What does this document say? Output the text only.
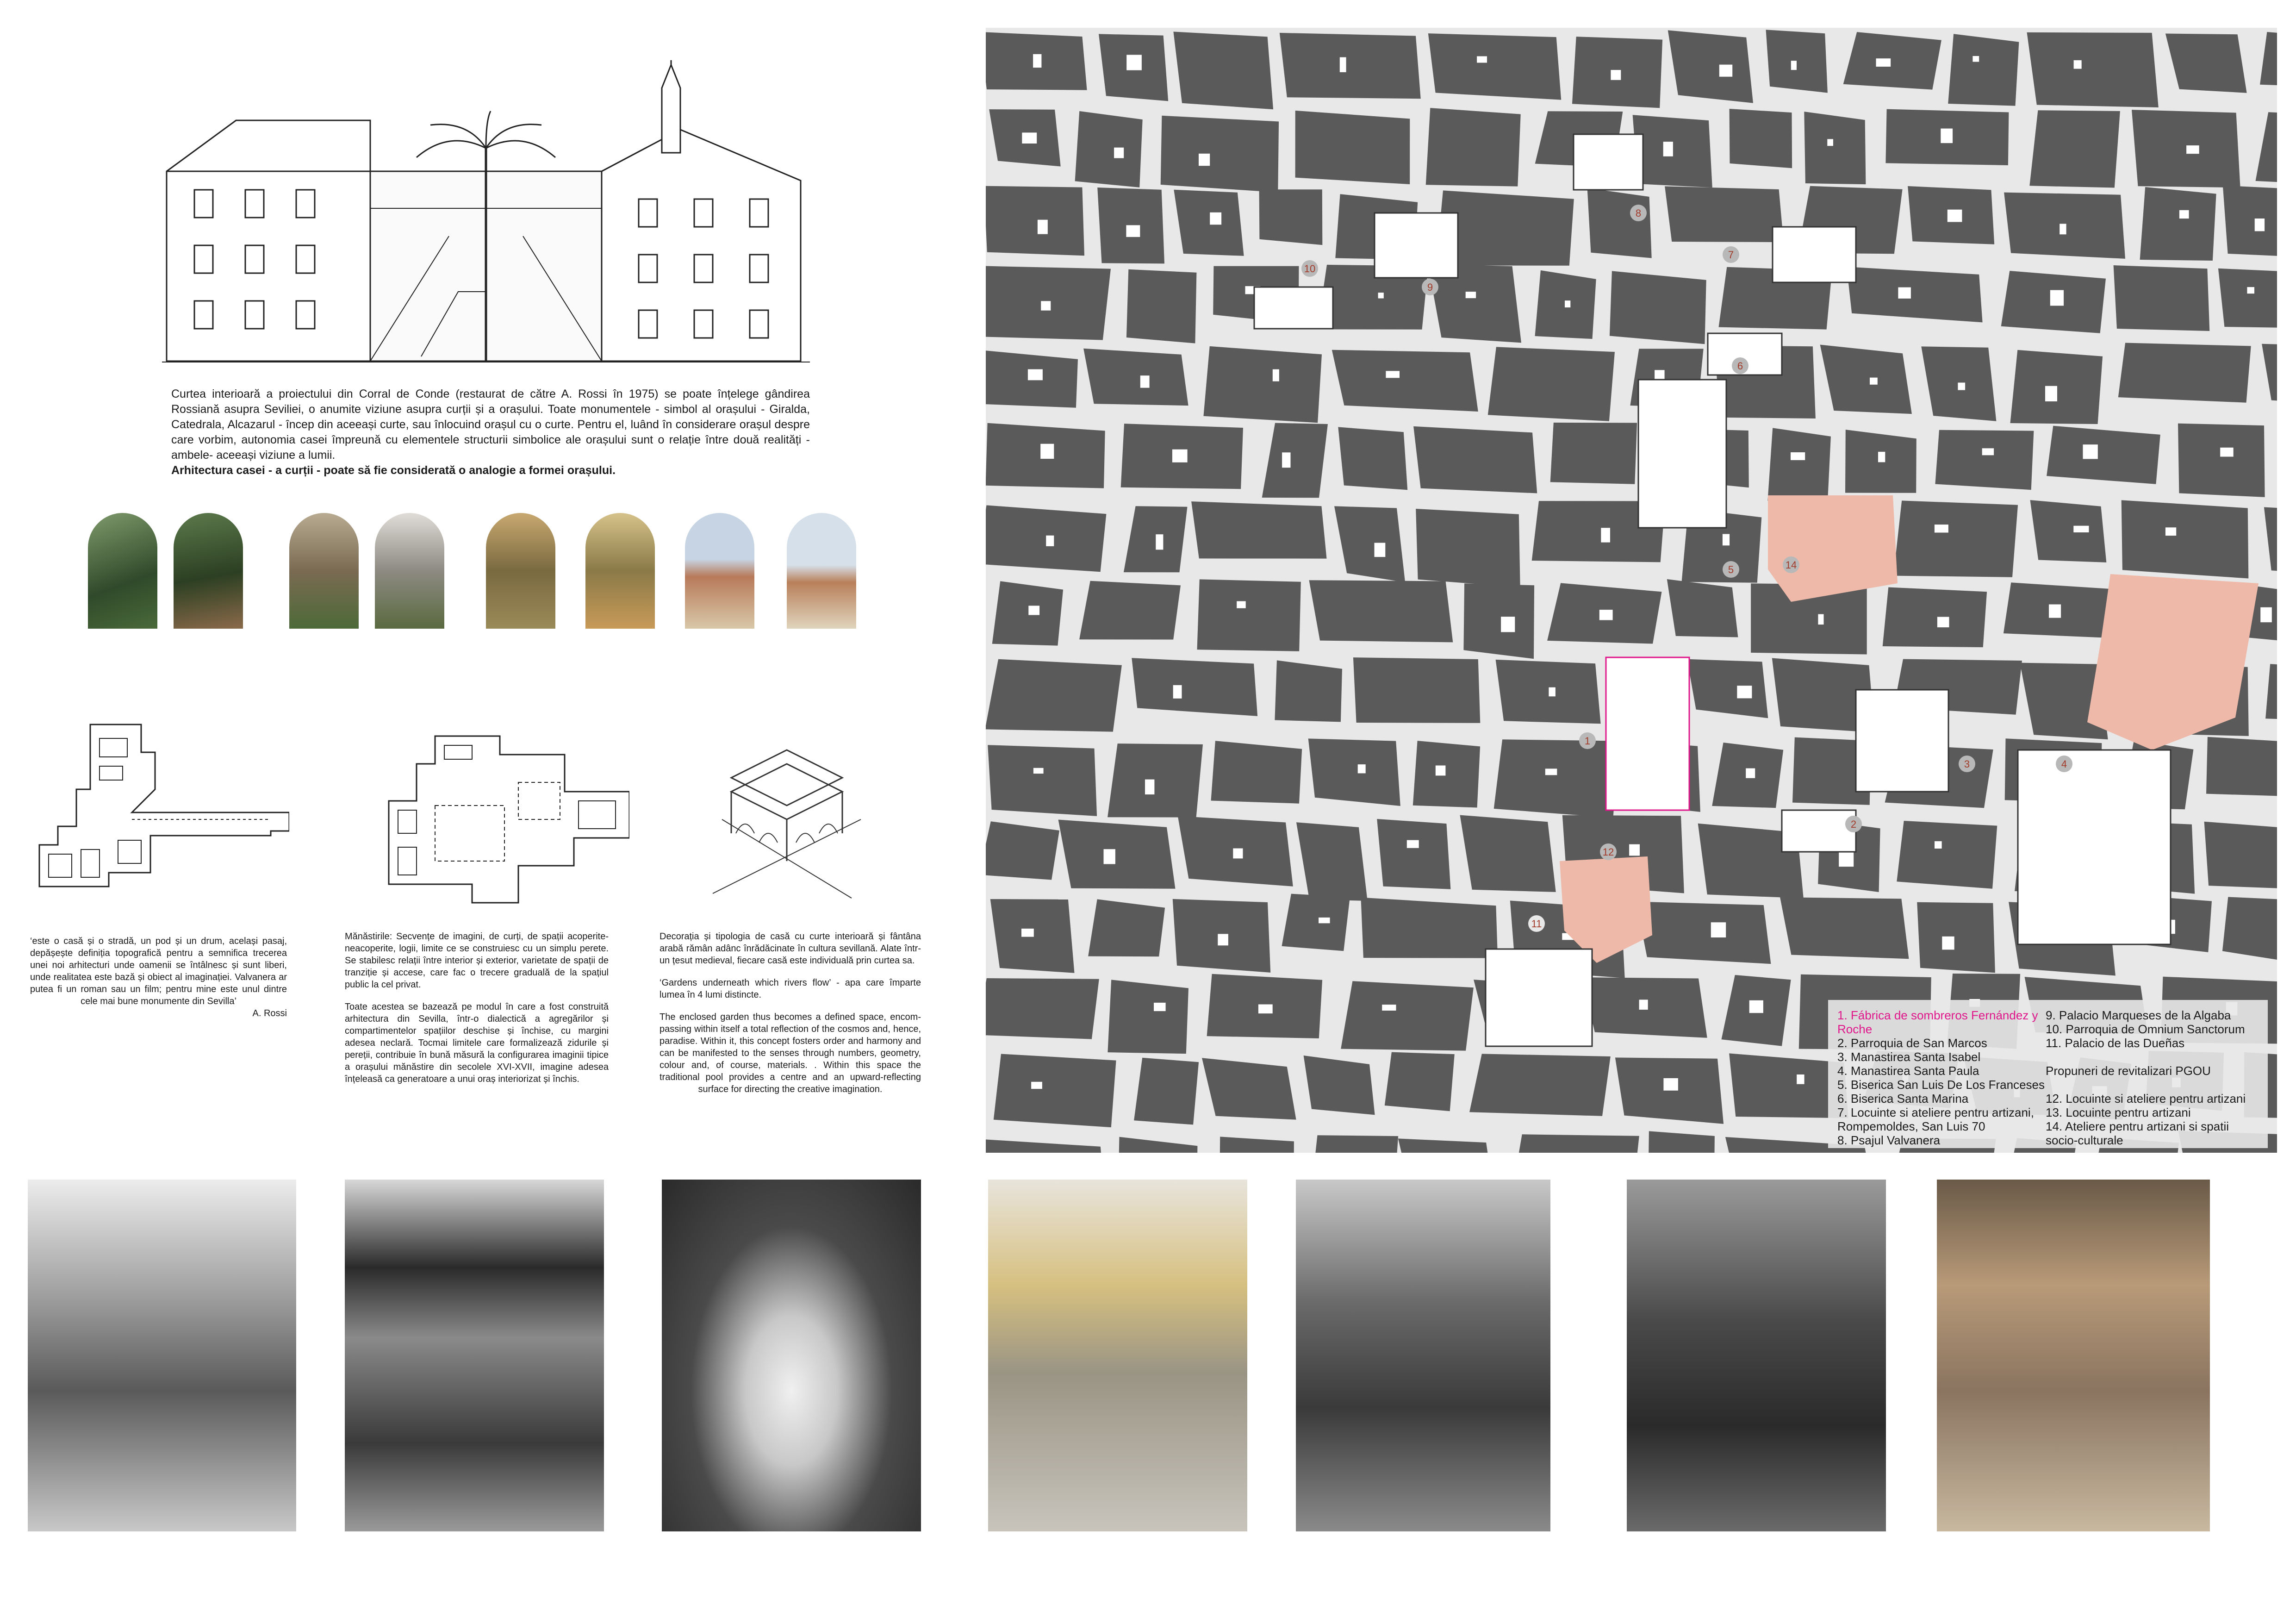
Curtea interioară a proiectului din Corral de Conde (restaurat de către A. Rossi în 1975) se poate înțelege gândirea Rossiană asupra Seviliei, o anumite viziune asupra curții și a orașului. Toate monumentele - simbol al orașului - Giralda, Catedrala, Alcazarul - încep din aceeași curte, sau înlocuind orașul cu o curte. Pentru el, luând în considerare orașul despre care vorbim, autonomia casei împreună cu elementele structurii simbolice ale orașului sunt o relație între două realități -ambele- aceeași viziune a lumii.
Arhitectura casei - a curții - poate să fie considerată o analogie a formei orașului.

‘este o casă și o stradă, un pod și un drum, același pasaj, depășește definiția topografică pentru a semnifica trecerea unei noi arhitecturi unde oamenii se întâlnesc și sunt liberi, unde realitatea este bază și obiect al imaginației. Valvanera ar putea fi un roman sau un film; pentru mine este unul dintre cele mai bune monumente din Sevilla’

A. Rossi

Mănăstirile: Secvențe de imagini, de curți, de spații acoperite-neacoperite, logii, limite ce se construiesc cu un simplu perete. Se stabilesc relații între interior și exterior, varietate de spații de tranziție și accese, care fac o trecere graduală de la spațiul public la cel privat.

Toate acestea se bazează pe modul în care a fost construită arhitectura din Sevilla, într-o dialectică a agregărilor și compartimentelor spațiilor deschise și închise, cu margini adesea neclară. Tocmai limitele care formalizează zidurile și pereții, contribuie în bună măsură la configurarea imaginii tipice a orașului mănăstire din secolele XVI-XVII, imagine adesea înțeleasă ca generatoare a unui oraș interiorizat și închis.

Decorația și tipologia de casă cu curte interioară și fântâna arabă rămân adânc înrădăcinate în cultura sevillană. Alate într-un țesut medieval, fiecare casă este individuală prin curtea sa.

‘Gardens underneath which rivers flow’ - apa care împarte lumea în 4 lumi distincte.

The enclosed garden thus becomes a defined space, encom- passing within itself a total reflection of the cosmos and, hence, paradise. Within it, this concept fosters order and harmony and can be manifested to the senses through numbers, geometry, colour and, of course, materials. . Within this space the traditional pool provides a centre and an upward-reflecting surface for directing the creative imagination.

1
2
3	4
5
6
7
8
9
10
11
12
14
1. Fábrica de sombreros Fernández y
Roche
2. Parroquia de San Marcos
3. Manastirea Santa Isabel
4. Manastirea Santa Paula
5. Biserica San Luis De Los Franceses
6. Biserica Santa Marina
7. Locuinte si ateliere pentru artizani,
Rompemoldes, San Luis 70
8. Psajul Valvanera
9. Palacio Marqueses de la Algaba
10. Parroquia de Omnium Sanctorum
11. Palacio de las Dueñas

Propuneri de revitalizari PGOU

12. Locuinte si ateliere pentru artizani
13. Locuinte pentru artizani
14. Ateliere pentru artizani si spatii
socio-culturale
